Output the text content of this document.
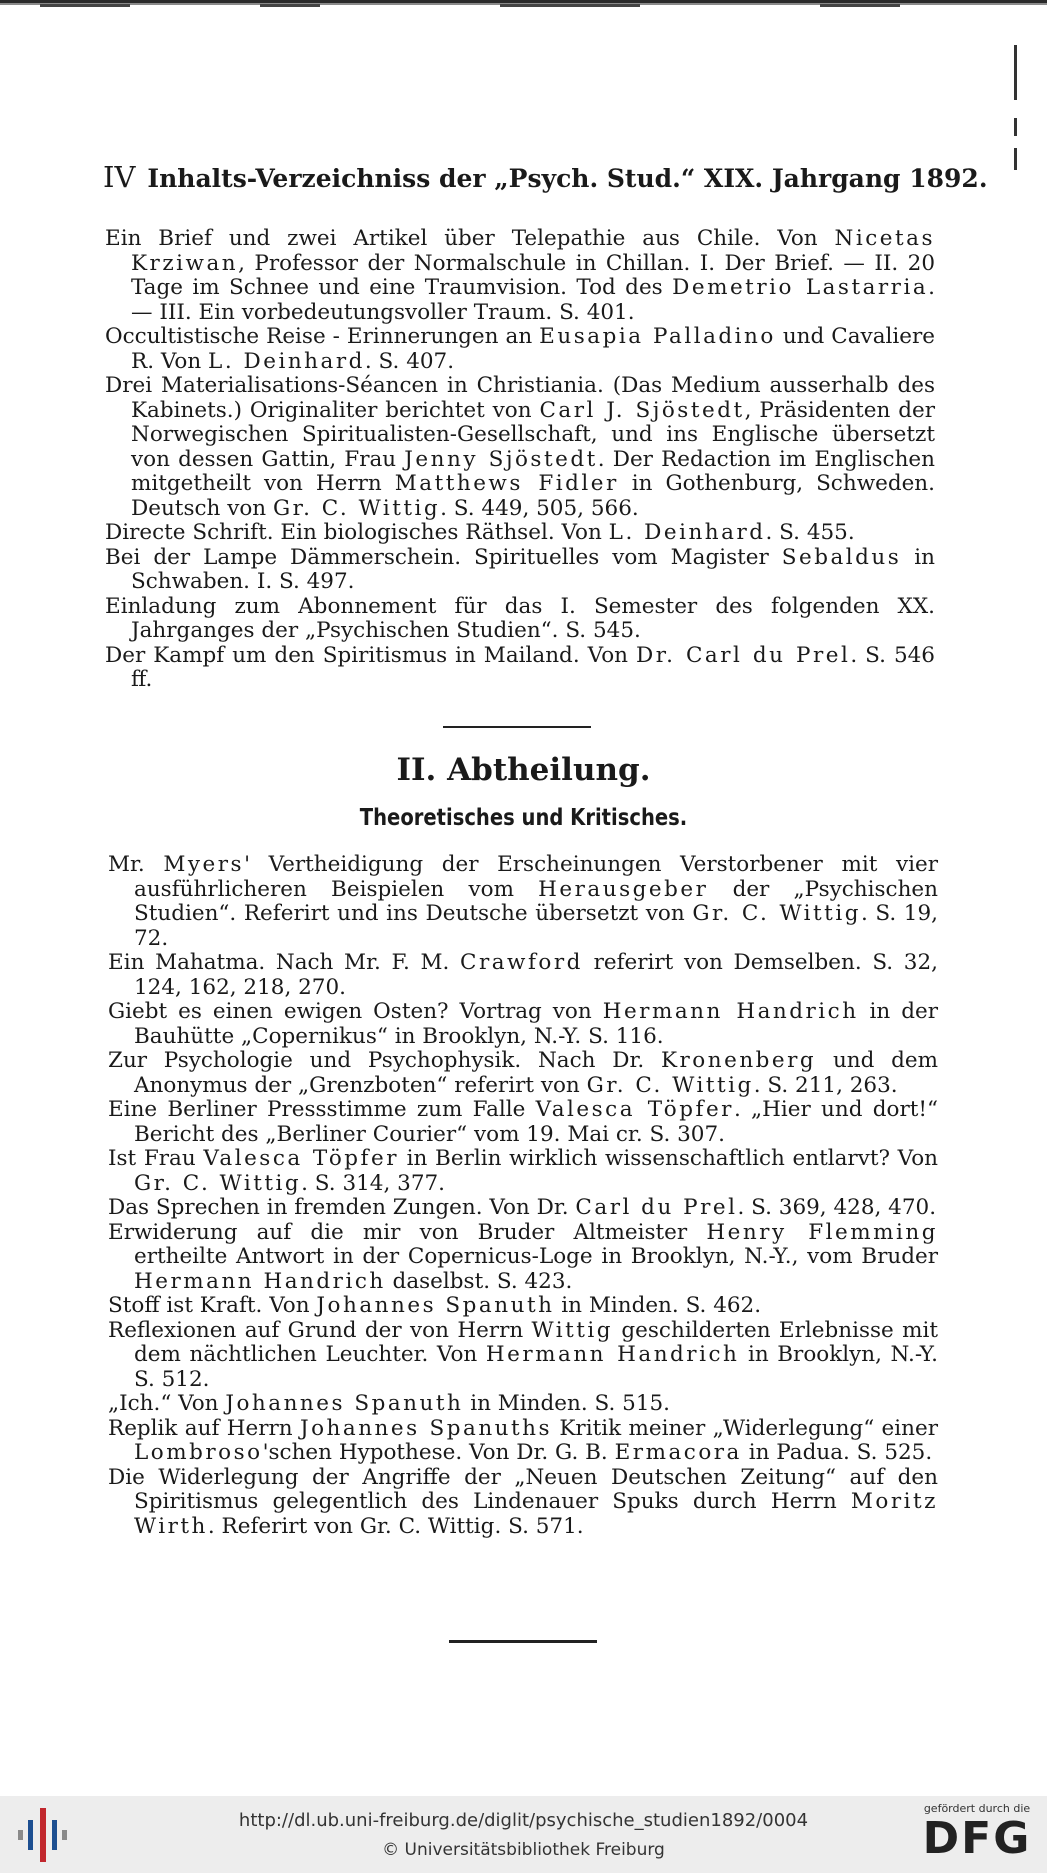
IV Inhalts-Verzeichniss der „Psych. Stud.“ XIX. Jahrgang 1892.
Ein Brief und zwei Artikel über Telepathie aus Chile. Von Nicetas Krziwan, Professor der Normalschule in Chillan. I. Der Brief. — II. 20 Tage im Schnee und eine Traumvision. Tod des Demetrio Lastarria. — III. Ein vorbedeutungsvoller Traum. S. 401.
Occultistische Reise - Erinnerungen an Eusapia Palladino und Cavaliere R. Von L. Deinhard. S. 407.
Drei Materialisations-Séancen in Christiania. (Das Medium ausserhalb des Kabinets.) Originaliter berichtet von Carl J. Sjöstedt, Präsidenten der Norwegischen Spiritualisten-Gesellschaft, und ins Englische übersetzt von dessen Gattin, Frau Jenny Sjöstedt. Der Redaction im Englischen mitgetheilt von Herrn Matthews Fidler in Gothenburg, Schweden. Deutsch von Gr. C. Wittig. S. 449, 505, 566.
Directe Schrift. Ein biologisches Räthsel. Von L. Deinhard. S. 455.
Bei der Lampe Dämmerschein. Spirituelles vom Magister Sebaldus in Schwaben. I. S. 497.
Einladung zum Abonnement für das I. Semester des folgenden XX. Jahrganges der „Psychischen Studien“. S. 545.
Der Kampf um den Spiritismus in Mailand. Von Dr. Carl du Prel. S. 546 ff.
II. Abtheilung.
Theoretisches und Kritisches.
Mr. Myers' Vertheidigung der Erscheinungen Verstorbener mit vier ausführlicheren Beispielen vom Herausgeber der „Psychischen Studien“. Referirt und ins Deutsche übersetzt von Gr. C. Wittig. S. 19, 72.
Ein Mahatma. Nach Mr. F. M. Crawford referirt von Demselben. S. 32, 124, 162, 218, 270.
Giebt es einen ewigen Osten? Vortrag von Hermann Handrich in der Bauhütte „Copernikus“ in Brooklyn, N.-Y. S. 116.
Zur Psychologie und Psychophysik. Nach Dr. Kronenberg und dem Anonymus der „Grenzboten“ referirt von Gr. C. Wittig. S. 211, 263.
Eine Berliner Pressstimme zum Falle Valesca Töpfer. „Hier und dort!“ Bericht des „Berliner Courier“ vom 19. Mai cr. S. 307.
Ist Frau Valesca Töpfer in Berlin wirklich wissenschaftlich entlarvt? Von Gr. C. Wittig. S. 314, 377.
Das Sprechen in fremden Zungen. Von Dr. Carl du Prel. S. 369, 428, 470.
Erwiderung auf die mir von Bruder Altmeister Henry Flemming ertheilte Antwort in der Copernicus-Loge in Brooklyn, N.-Y., vom Bruder Hermann Handrich daselbst. S. 423.
Stoff ist Kraft. Von Johannes Spanuth in Minden. S. 462.
Reflexionen auf Grund der von Herrn Wittig geschilderten Erlebnisse mit dem nächtlichen Leuchter. Von Hermann Handrich in Brooklyn, N.-Y. S. 512.
„Ich.“ Von Johannes Spanuth in Minden. S. 515.
Replik auf Herrn Johannes Spanuths Kritik meiner „Widerlegung“ einer Lombroso'schen Hypothese. Von Dr. G. B. Ermacora in Padua. S. 525.
Die Widerlegung der Angriffe der „Neuen Deutschen Zeitung“ auf den Spiritismus gelegentlich des Lindenauer Spuks durch Herrn Moritz Wirth. Referirt von Gr. C. Wittig. S. 571.
http://dl.ub.uni-freiburg.de/diglit/psychische_studien1892/0004
© Universitätsbibliothek Freiburg
gefördert durch die
DFG
